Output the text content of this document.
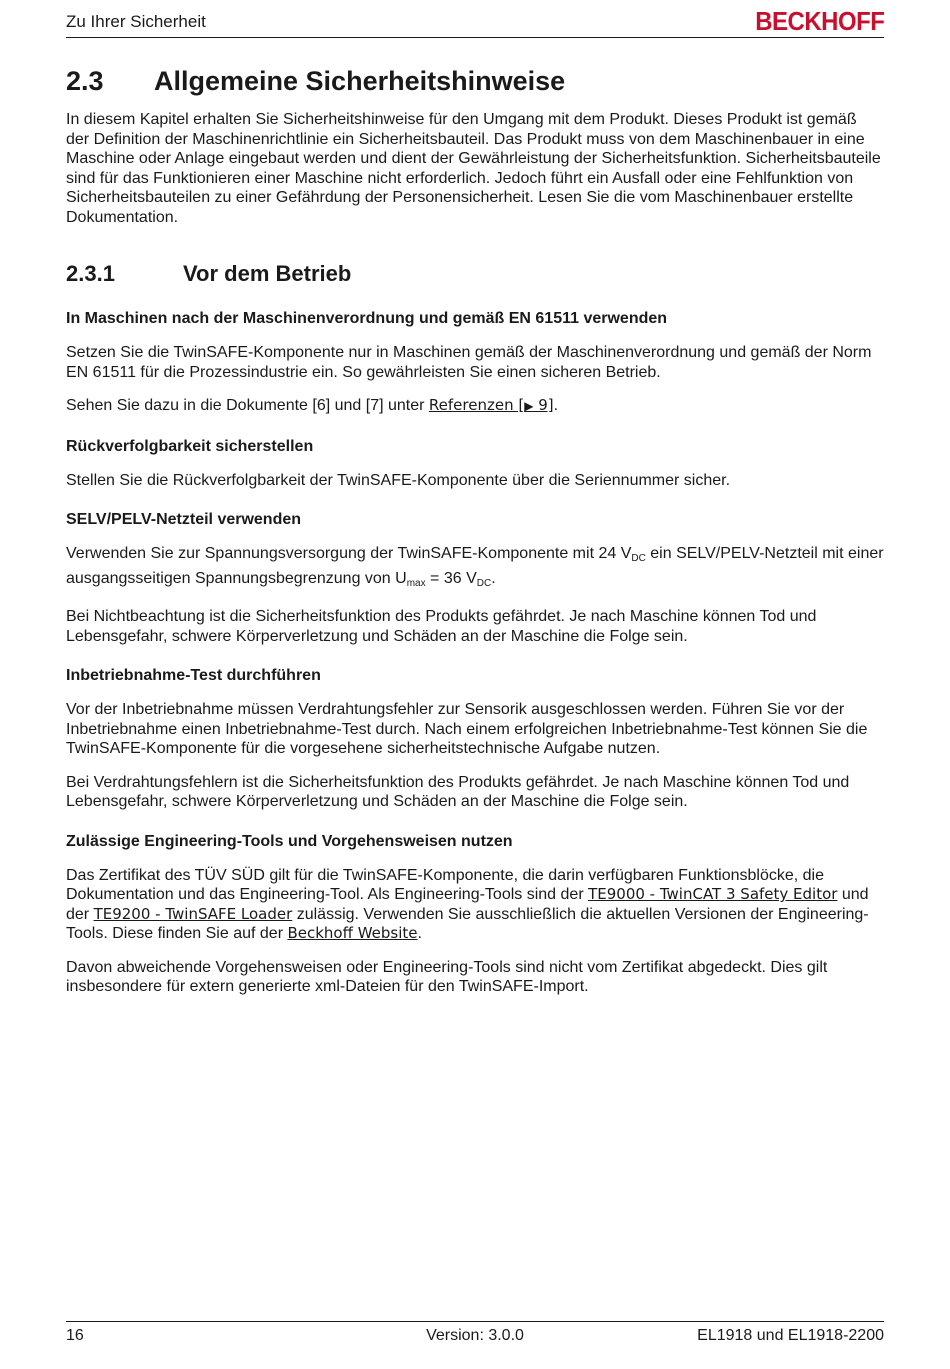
Zu Ihrer Sicherheit	BECKHOFF
2.3	Allgemeine Sicherheitshinweise

In diesem Kapitel erhalten Sie Sicherheitshinweise für den Umgang mit dem Produkt. Dieses Produkt ist gemäß der Definition der Maschinenrichtlinie ein Sicherheitsbauteil. Das Produkt muss von dem Maschinenbauer in eine Maschine oder Anlage eingebaut werden und dient der Gewährleistung der Sicherheitsfunktion. Sicherheitsbauteile sind für das Funktionieren einer Maschine nicht erforderlich. Jedoch führt ein Ausfall oder eine Fehlfunktion von Sicherheitsbauteilen zu einer Gefährdung der Personensicherheit. Lesen Sie die vom Maschinenbauer erstellte Dokumentation.

2.3.1	Vor dem Betrieb
In Maschinen nach der Maschinenverordnung und gemäß EN 61511 verwenden

Setzen Sie die TwinSAFE-Komponente nur in Maschinen gemäß der Maschinenverordnung und gemäß der Norm EN 61511 für die Prozessindustrie ein. So gewährleisten Sie einen sicheren Betrieb.

Sehen Sie dazu in die Dokumente [6] und [7] unter Referenzen [▶ 9].

Rückverfolgbarkeit sicherstellen

Stellen Sie die Rückverfolgbarkeit der TwinSAFE-Komponente über die Seriennummer sicher.

SELV/PELV-Netzteil verwenden

Verwenden Sie zur Spannungsversorgung der TwinSAFE-Komponente mit 24 $V_{DC}$ ein SELV/PELV-Netzteil mit einer ausgangsseitigen Spannungsbegrenzung von $U_{max} = 36$ $V_{DC}$.

Bei Nichtbeachtung ist die Sicherheitsfunktion des Produkts gefährdet. Je nach Maschine können Tod und Lebensgefahr, schwere Körperverletzung und Schäden an der Maschine die Folge sein.

Inbetriebnahme-Test durchführen

Vor der Inbetriebnahme müssen Verdrahtungsfehler zur Sensorik ausgeschlossen werden. Führen Sie vor der Inbetriebnahme einen Inbetriebnahme-Test durch. Nach einem erfolgreichen Inbetriebnahme-Test können Sie die TwinSAFE-Komponente für die vorgesehene sicherheitstechnische Aufgabe nutzen.

Bei Verdrahtungsfehlern ist die Sicherheitsfunktion des Produkts gefährdet. Je nach Maschine können Tod und Lebensgefahr, schwere Körperverletzung und Schäden an der Maschine die Folge sein.

Zulässige Engineering-Tools und Vorgehensweisen nutzen

Das Zertifikat des TÜV SÜD gilt für die TwinSAFE-Komponente, die darin verfügbaren Funktionsblöcke, die Dokumentation und das Engineering-Tool. Als Engineering-Tools sind der TE9000 - TwinCAT 3 Safety Editor und der TE9200 - TwinSAFE Loader zulässig. Verwenden Sie ausschließlich die aktuellen Versionen der Engineering-Tools. Diese finden Sie auf der Beckhoff Website.

Davon abweichende Vorgehensweisen oder Engineering-Tools sind nicht vom Zertifikat abgedeckt. Dies gilt insbesondere für extern generierte xml-Dateien für den TwinSAFE-Import.

16	Version: 3.0.0	EL1918 und EL1918-2200
